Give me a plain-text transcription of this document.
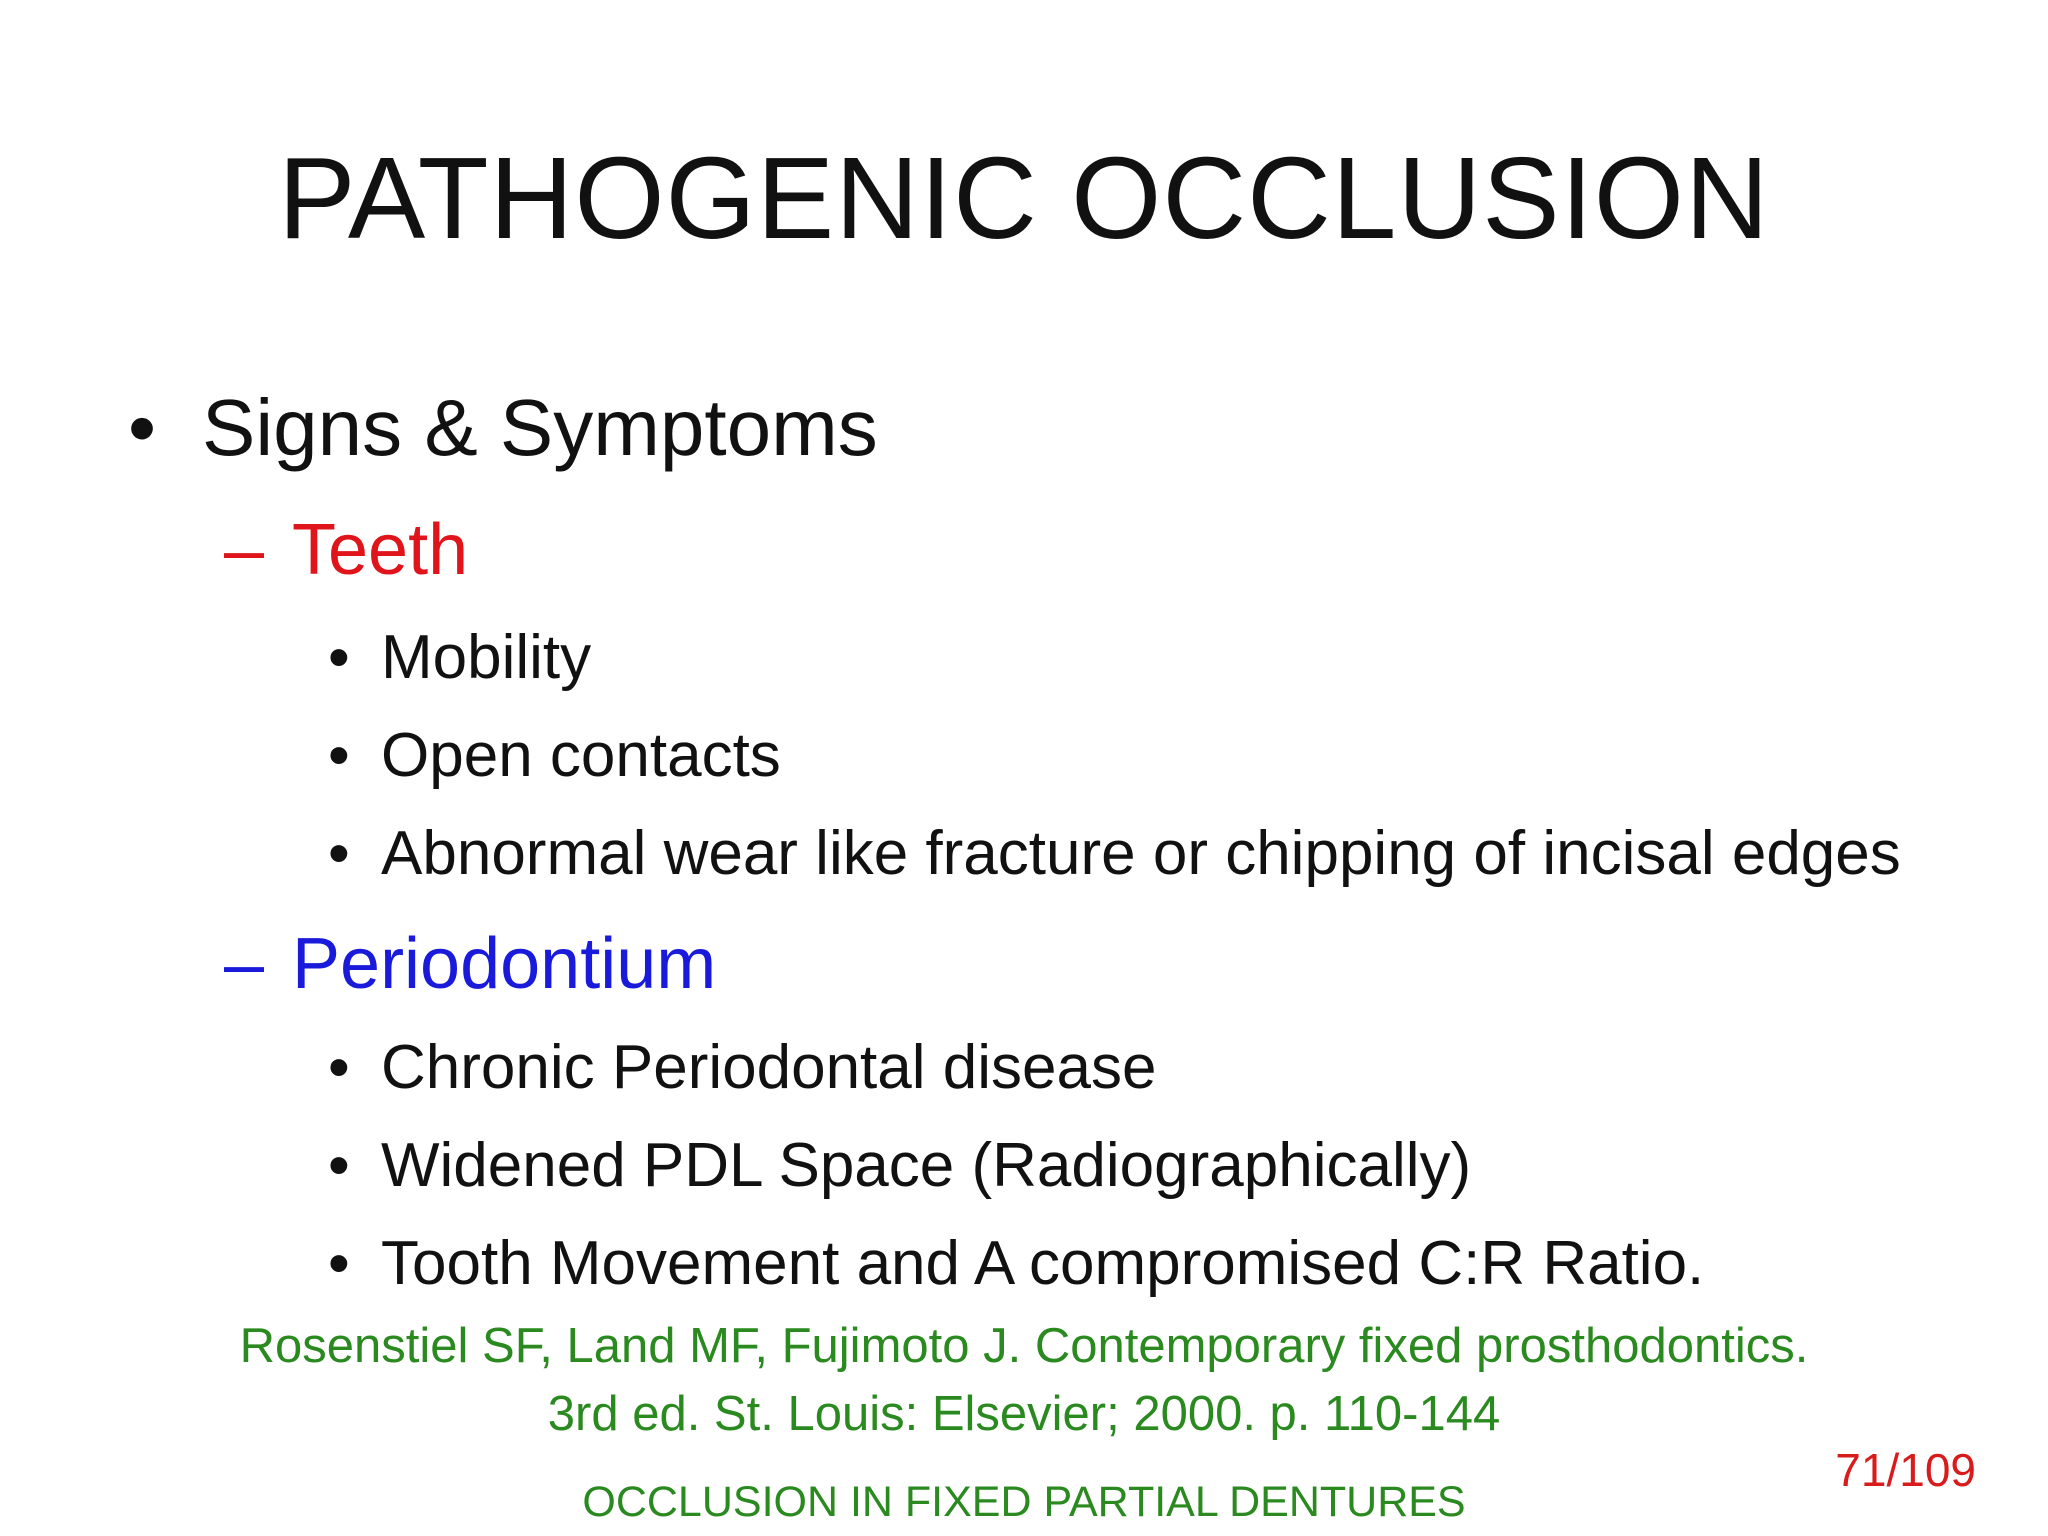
PATHOGENIC OCCLUSION
• Signs & Symptoms
– Teeth
• Mobility
• Open contacts
• Abnormal wear like fracture or chipping of incisal edges
– Periodontium
• Chronic Periodontal disease
• Widened PDL Space (Radiographically)
• Tooth Movement and A compromised C:R Ratio.
Rosenstiel SF, Land MF, Fujimoto J. Contemporary fixed prosthodontics.
3rd ed. St. Louis: Elsevier; 2000. p. 110-144
71/109
OCCLUSION IN FIXED PARTIAL DENTURES
